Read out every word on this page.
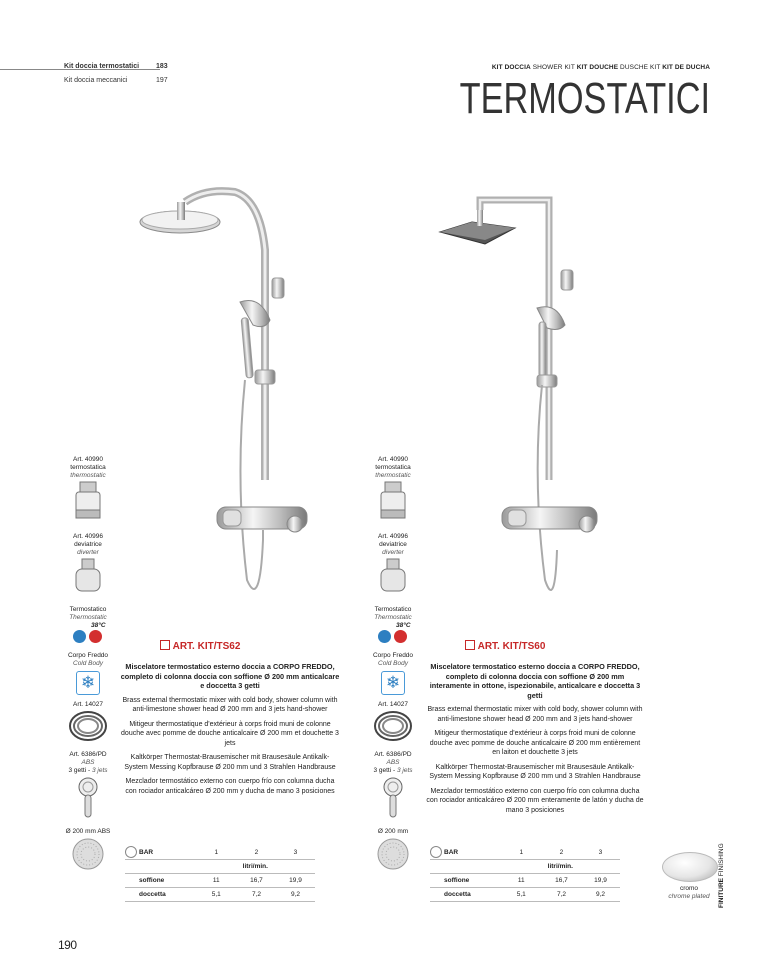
Kit doccia termostatici 183
Kit doccia meccanici	197
KIT DOCCIA SHOWER KIT KIT DOUCHE DUSCHE KIT KIT DE DUCHA
TERMOSTATICI
Art. 40990
termostatica
thermostatic
Art. 40996
deviatrice
diverter
Termostatico
Thermostatic
38°C
Corpo Freddo
Cold Body
❄
Art. 14027
Art. 6386/PD
ABS
3 getti - 3 jets
Ø 200 mm ABS
Art. 40990
termostatica
thermostatic
Art. 40996
deviatrice
diverter
Termostatico
Thermostatic
38°C
Corpo Freddo
Cold Body
❄
Art. 14027
Art. 6386/PD
ABS
3 getti - 3 jets
Ø 200 mm
ART. KIT/TS62
Miscelatore termostatico esterno doccia a CORPO FREDDO, completo di colonna doccia con soffione Ø 200 mm anticalcare e doccetta 3 getti
Brass external thermostatic mixer with cold body, shower column with anti-limestone shower head Ø 200 mm and 3 jets hand-shower
Mitigeur thermostatique d'extérieur à corps froid muni de colonne douche avec pomme de douche anticalcaire Ø 200 mm et douchette 3 jets
Kaltkörper Thermostat-Brausemischer mit Brausesäule Antikalk-System Messing Kopfbrause Ø 200 mm und 3 Strahlen Handbrause
Mezclador termostático externo con cuerpo frío con columna ducha con rociador anticalcáreo Ø 200 mm y ducha de mano 3 posiciones
ART. KIT/TS60
Miscelatore termostatico esterno doccia a CORPO FREDDO, completo di colonna doccia con soffione Ø 200 mm interamente in ottone, ispezionabile, anticalcare e doccetta 3 getti
Brass external thermostatic mixer with cold body, shower column with anti-limestone shower head Ø 200 mm and 3 jets hand-shower
Mitigeur thermostatique d'extérieur à corps froid muni de colonne douche avec pomme de douche anticalcaire Ø 200 mm entièrement en laiton et douchette 3 jets
Kaltkörper Thermostat-Brausemischer mit Brausesäule Antikalk-System Messing Kopfbrause Ø 200 mm und 3 Strahlen Handbrause
Mezclador termostático externo con cuerpo frío con columna ducha con rociador anticalcáreo Ø 200 mm enteramente de latón y ducha de mano 3 posiciones
BAR	1	2	3
	litri/min.		
soffione	11	16,7	19,9
doccetta	5,1	7,2	9,2
BAR	1	2	3
	litri/min.		
soffione	11	16,7	19,9
doccetta	5,1	7,2	9,2
cromo
chrome plated	FINITURE FINISHING
190
